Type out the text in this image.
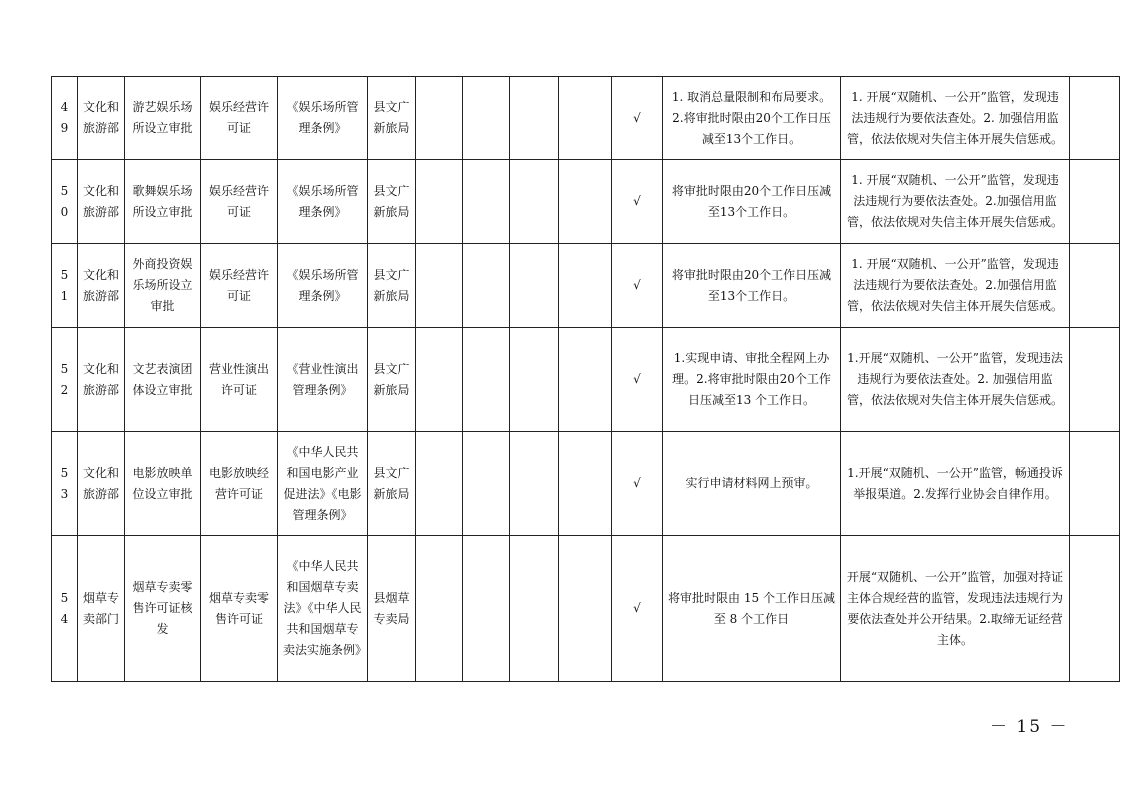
49	文化和旅游部	游艺娱乐场所设立审批	娱乐经营许可证	《娱乐场所管理条例》	县文广新旅局					√	1. 取消总量限制和布局要求。2.将审批时限由20个工作日压减至13个工作日。	1. 开展“双随机、一公开”监管，发现违法违规行为要依法查处。2. 加强信用监管，依法依规对失信主体开展失信惩戒。	
50	文化和旅游部	歌舞娱乐场所设立审批	娱乐经营许可证	《娱乐场所管理条例》	县文广新旅局					√	将审批时限由20个工作日压减至13个工作日。	1. 开展“双随机、一公开”监管，发现违法违规行为要依法查处。2.加强信用监管，依法依规对失信主体开展失信惩戒。	
51	文化和旅游部	外商投资娱乐场所设立审批	娱乐经营许可证	《娱乐场所管理条例》	县文广新旅局					√	将审批时限由20个工作日压减至13个工作日。	1. 开展“双随机、一公开”监管，发现违法违规行为要依法查处。2.加强信用监管，依法依规对失信主体开展失信惩戒。	
52	文化和旅游部	文艺表演团体设立审批	营业性演出许可证	《营业性演出管理条例》	县文广新旅局					√	1.实现申请、审批全程网上办理。2.将审批时限由20个工作日压减至13 个工作日。	1.开展“双随机、一公开”监管，发现违法违规行为要依法查处。2. 加强信用监管，依法依规对失信主体开展失信惩戒。	
53	文化和旅游部	电影放映单位设立审批	电影放映经营许可证	《中华人民共和国电影产业促进法》《电影管理条例》	县文广新旅局					√	实行申请材料网上预审。	1.开展“双随机、一公开”监管，畅通投诉举报渠道。2.发挥行业协会自律作用。	
54	烟草专卖部门	烟草专卖零售许可证核发	烟草专卖零售许可证	《中华人民共和国烟草专卖法》《中华人民共和国烟草专卖法实施条例》	县烟草专卖局					√	将审批时限由 15 个工作日压减至 8 个工作日	开展“双随机、一公开”监管，加强对持证主体合规经营的监管，发现违法违规行为要依法查处并公开结果。2.取缔无证经营主体。	
－ 15 －
